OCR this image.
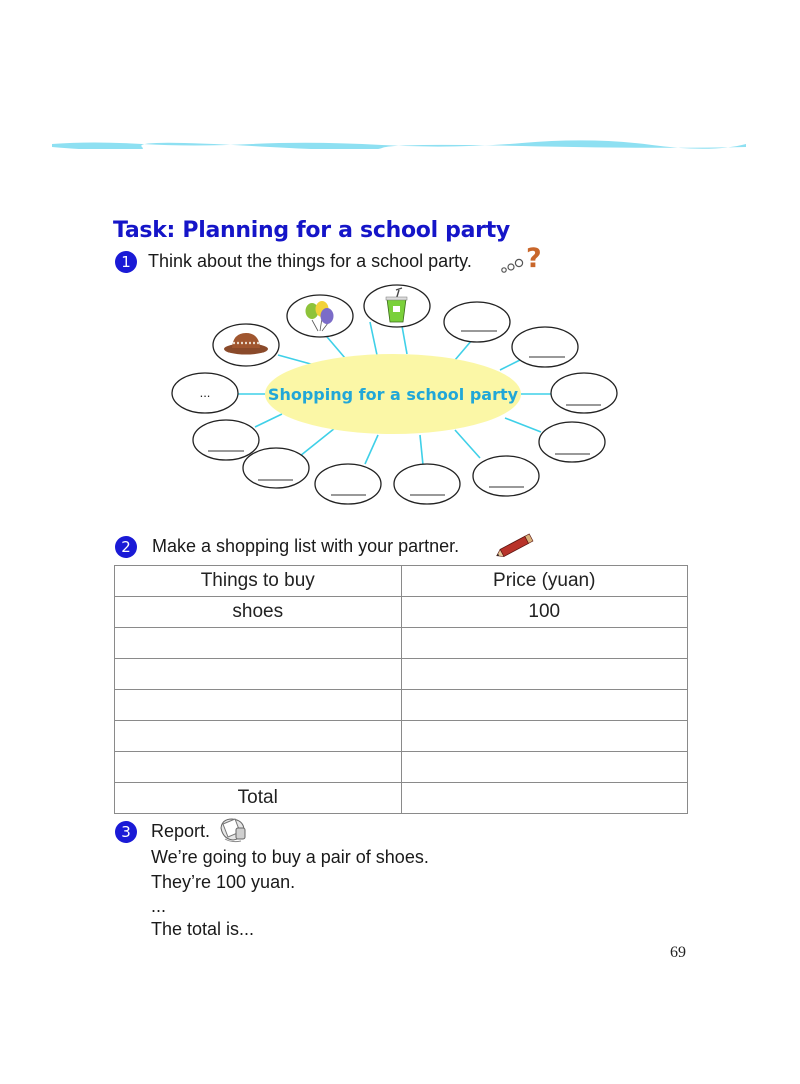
Task: Planning for a school party
1 Think about the things for a school party. ?
Shopping for a school party
...
2	Make a shopping list with your partner.
Things to buy	Price (yuan)
shoes	100

Total	
3	Report.
We’re going to buy a pair of shoes.
They’re 100 yuan.
...
The total is...
69
